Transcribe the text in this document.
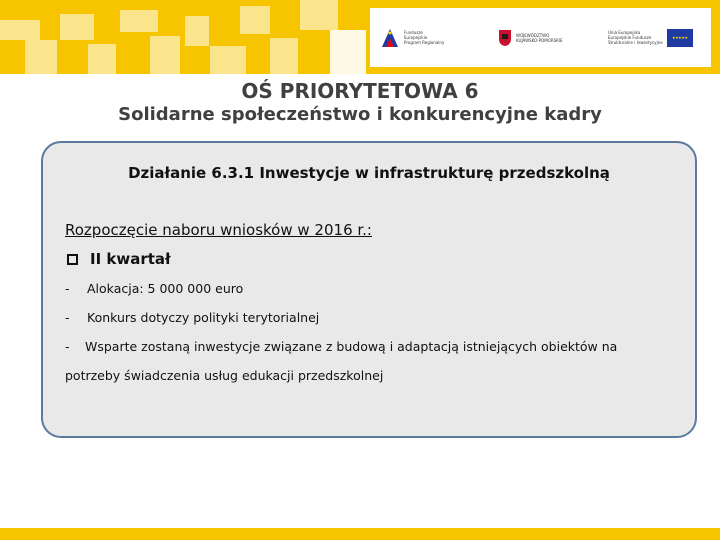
Fundusze
Europejskie
Program Regionalny
WOJEWÓDZTWO
KUJAWSKO-POMORSKIE
Unia Europejska
Europejskie Fundusze
Strukturalne i Inwestycyjne
★★★★★
OŚ PRIORYTETOWA 6
Solidarne społeczeństwo i konkurencyjne kadry
Działanie 6.3.1 Inwestycje w infrastrukturę przedszkolną
Rozpoczęcie naboru wniosków w 2016 r.:
II kwartał
- Alokacja: 5 000 000 euro
- Konkurs dotyczy polityki terytorialnej
- Wsparte zostaną inwestycje związane z budową i adaptacją istniejących obiektów na
potrzeby świadczenia usług edukacji przedszkolnej
